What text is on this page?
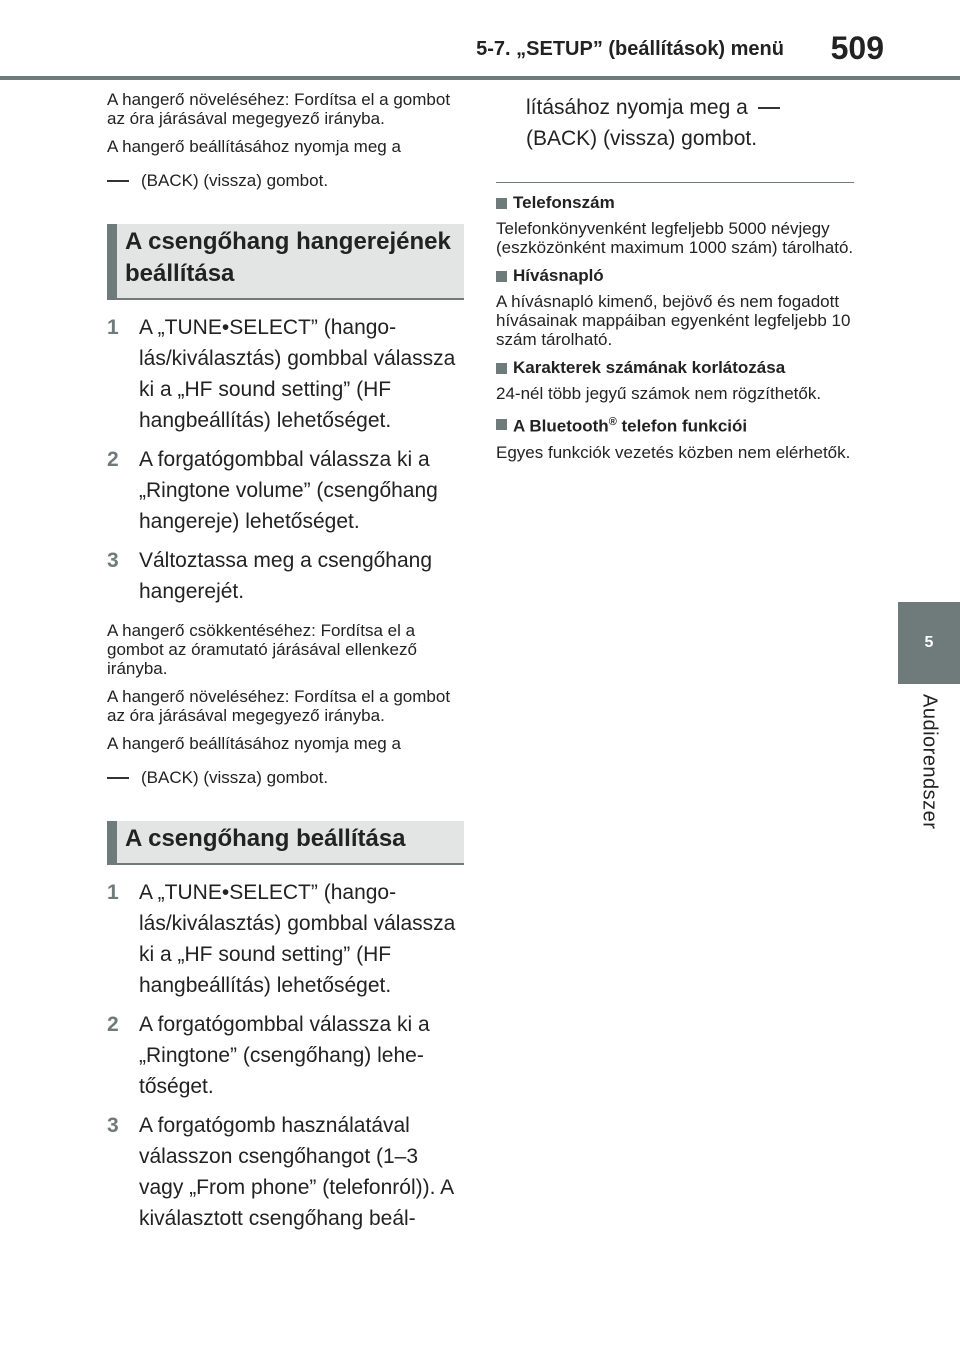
5-7. „SETUP” (beállítások) menü 509
5
Audiorendszer

A hangerő növeléséhez: Fordítsa el a gombot az óra járásával megegyező irányba.

A hangerő beállításához nyomja meg a

(BACK) (vissza) gombot.
A csengőhang hangerejének beállítása
1 A „TUNE•SELECT” (hangolás/kiválasztás) gombbal válassza ki a „HF sound setting” (HF hangbeállítás) lehetőséget.
2 A forgatógombbal válassza ki a „Ringtone volume” (csengőhang hangereje) lehetőséget.
3 Változtassa meg a csengőhang hangerejét.

A hangerő csökkentéséhez: Fordítsa el a gombot az óramutató járásával ellenkező irányba.

A hangerő növeléséhez: Fordítsa el a gombot az óra járásával megegyező irányba.

A hangerő beállításához nyomja meg a

(BACK) (vissza) gombot.
A csengőhang beállítása
1 A „TUNE•SELECT” (hangolás/kiválasztás) gombbal válassza ki a „HF sound setting” (HF hangbeállítás) lehetőséget.
2 A forgatógombbal válassza ki a „Ringtone” (csengőhang) lehetőséget.
3 A forgatógomb használatával válasszon csengőhangot (1–3 vagy „From phone” (telefonról)). A kiválasztott csengőhang beál-
lításához nyomja meg a
(BACK) (vissza) gombot.
Telefonszám

Telefonkönyvenként legfeljebb 5000 névjegy (eszközönként maximum 1000 szám) tárolható.

Hívásnapló

A hívásnapló kimenő, bejövő és nem fogadott hívásainak mappáiban egyenként legfeljebb 10 szám tárolható.

Karakterek számának korlátozása

24-nél több jegyű számok nem rögzíthetők.

A Bluetooth® telefon funkciói

Egyes funkciók vezetés közben nem elérhetők.
